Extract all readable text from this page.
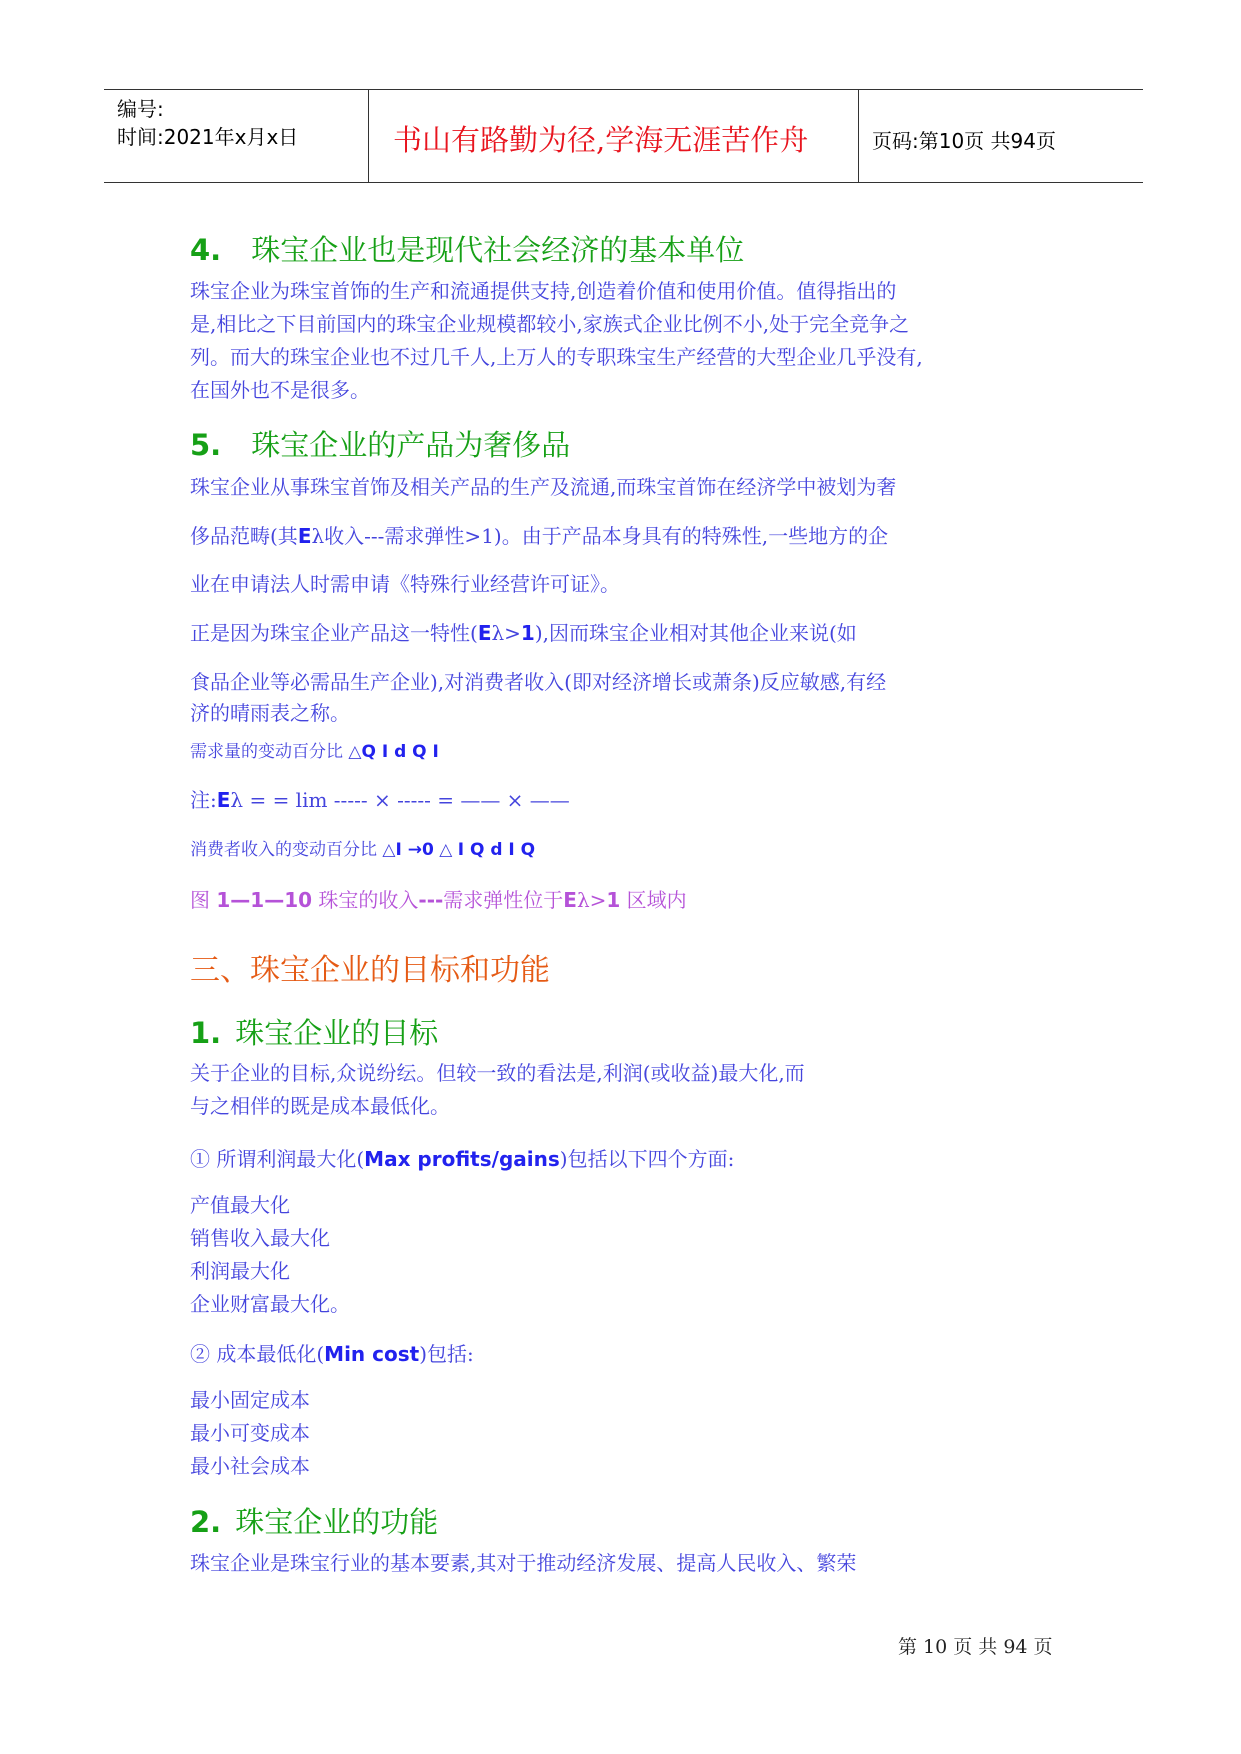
编号:
时间:2021年x月x日	书山有路勤为径,学海无涯苦作舟	页码:第10页 共94页
4. 珠宝企业也是现代社会经济的基本单位
珠宝企业为珠宝首饰的生产和流通提供支持,创造着价值和使用价值。值得指出的
是,相比之下目前国内的珠宝企业规模都较小,家族式企业比例不小,处于完全竞争之
列。而大的珠宝企业也不过几千人,上万人的专职珠宝生产经营的大型企业几乎没有,
在国外也不是很多。
5. 珠宝企业的产品为奢侈品
珠宝企业从事珠宝首饰及相关产品的生产及流通,而珠宝首饰在经济学中被划为奢
侈品范畴(其Eλ收入---需求弹性>1)。由于产品本身具有的特殊性,一些地方的企
业在申请法人时需申请《特殊行业经营许可证》。
正是因为珠宝企业产品这一特性(Eλ>1),因而珠宝企业相对其他企业来说(如
食品企业等必需品生产企业),对消费者收入(即对经济增长或萧条)反应敏感,有经
济的晴雨表之称。
需求量的变动百分比 △Q I d Q I
注:Eλ = = lim ----- × ----- = —— × ——
消费者收入的变动百分比 △I →0 △ I Q d I Q
图 1—1—10 珠宝的收入---需求弹性位于Eλ>1 区域内
三、珠宝企业的目标和功能
1. 珠宝企业的目标
关于企业的目标,众说纷纭。但较一致的看法是,利润(或收益)最大化,而
与之相伴的既是成本最低化。
① 所谓利润最大化(Max profits/gains)包括以下四个方面:
产值最大化
销售收入最大化
利润最大化
企业财富最大化。
② 成本最低化(Min cost)包括:
最小固定成本
最小可变成本
最小社会成本
2. 珠宝企业的功能
珠宝企业是珠宝行业的基本要素,其对于推动经济发展、提高人民收入、繁荣
第 10 页 共 94 页
